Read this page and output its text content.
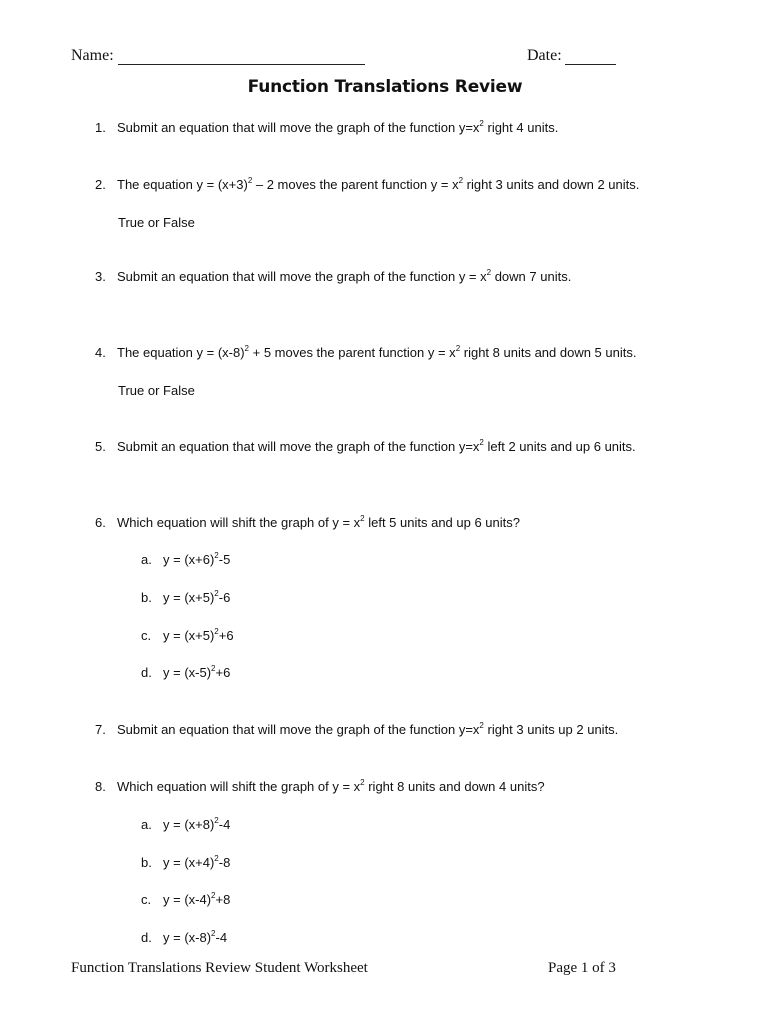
Name:	Date:
Function Translations Review
1. Submit an equation that will move the graph of the function $y=x^2$ right 4 units.
2. The equation $y = (x+3)^2 - 2$ moves the parent function $y = x^2$ right 3 units and down 2 units.
True or False
3. Submit an equation that will move the graph of the function $y = x^2$ down 7 units.
4. The equation $y = (x-8)^2 + 5$ moves the parent function $y = x^2$ right 8 units and down 5 units.
True or False
5. Submit an equation that will move the graph of the function $y=x^2$ left 2 units and up 6 units.
6. Which equation will shift the graph of $y = x^2$ left 5 units and up 6 units?
a. $y = (x+6)^2-5$
b. $y = (x+5)^2-6$
c. $y = (x+5)^2+6$
d. $y = (x-5)^2+6$
7. Submit an equation that will move the graph of the function $y=x^2$ right 3 units up 2 units.
8. Which equation will shift the graph of $y = x^2$ right 8 units and down 4 units?
a. $y = (x+8)^2-4$
b. $y = (x+4)^2-8$
c. $y = (x-4)^2+8$
d. $y = (x-8)^2-4$
Function Translations Review Student Worksheet	Page 1 of 3
